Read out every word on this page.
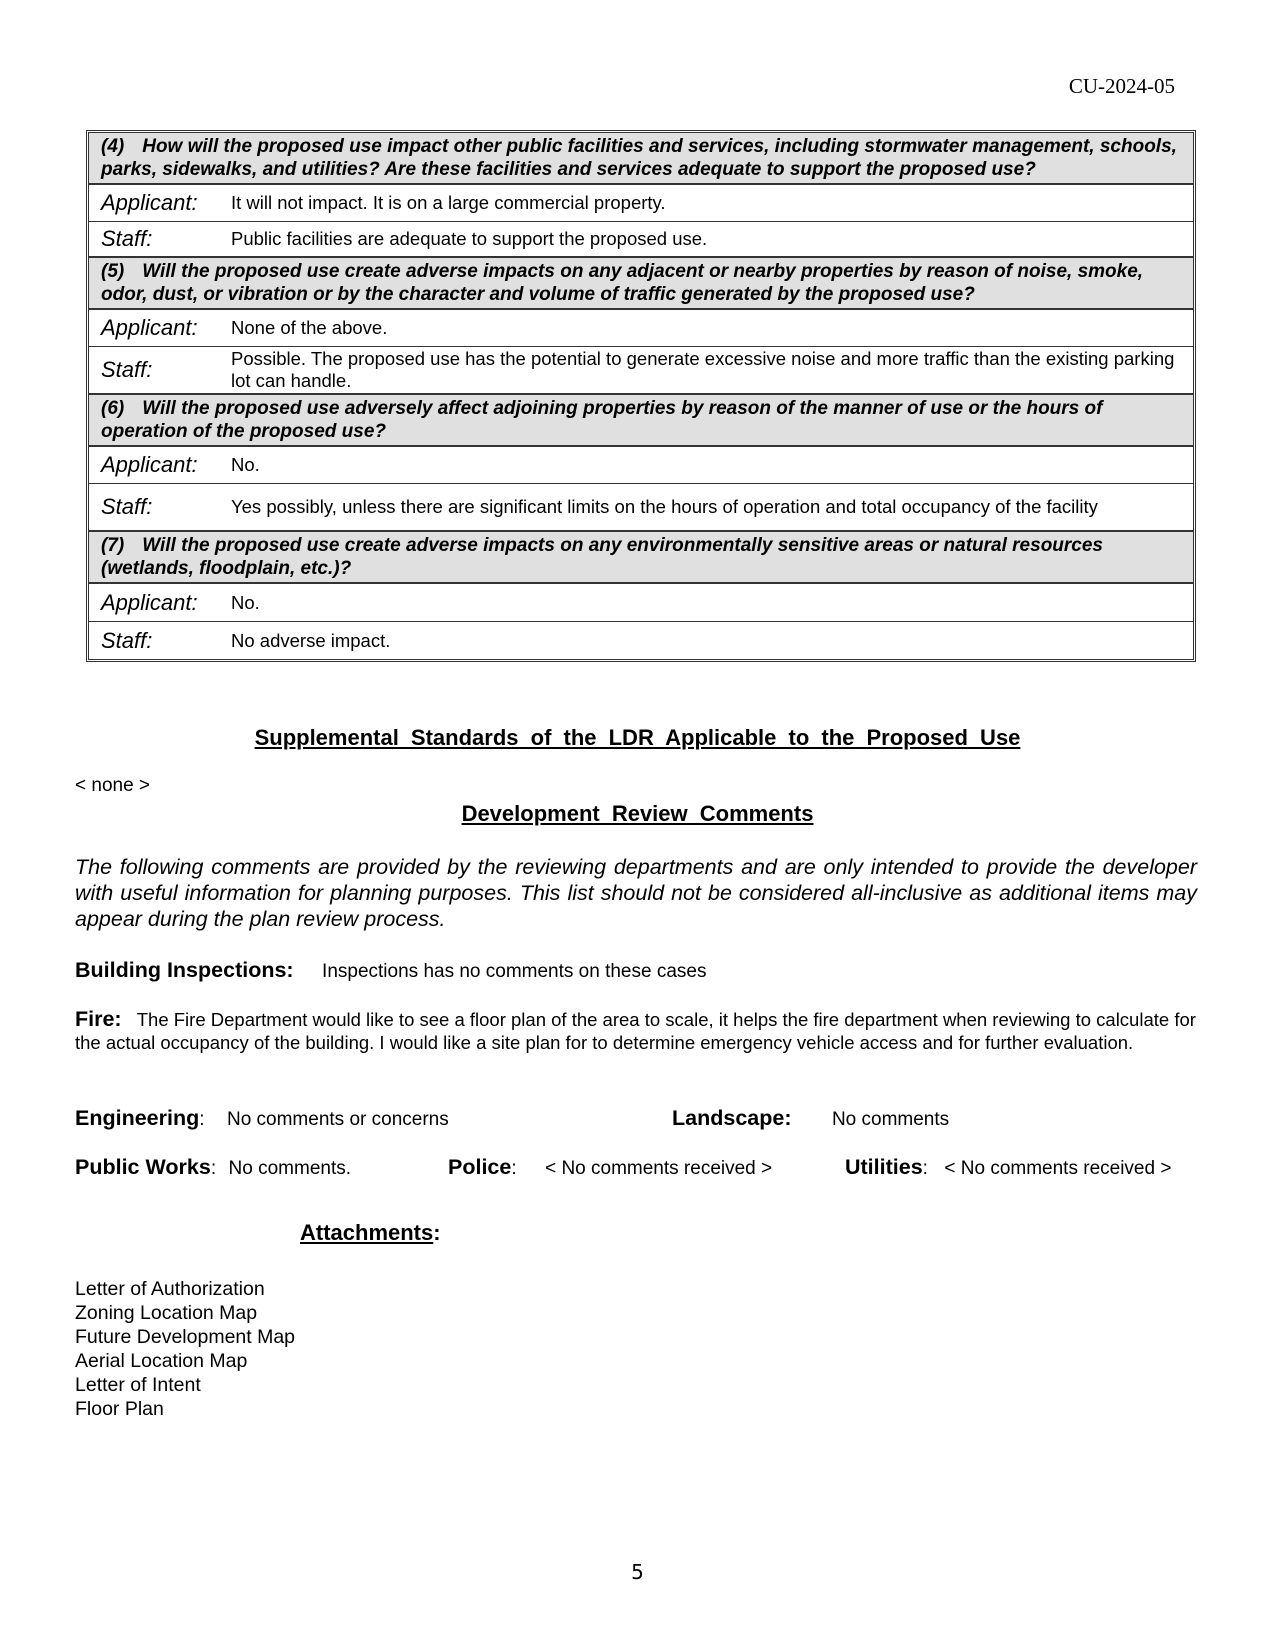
CU-2024-05
(4) How will the proposed use impact other public facilities and services, including stormwater management, schools, parks, sidewalks, and utilities? Are these facilities and services adequate to support the proposed use?
Applicant:	It will not impact. It is on a large commercial property.
Staff:	Public facilities are adequate to support the proposed use.
(5) Will the proposed use create adverse impacts on any adjacent or nearby properties by reason of noise, smoke, odor, dust, or vibration or by the character and volume of traffic generated by the proposed use?
Applicant:	None of the above.
Staff:	Possible. The proposed use has the potential to generate excessive noise and more traffic than the existing parking lot can handle.
(6) Will the proposed use adversely affect adjoining properties by reason of the manner of use or the hours of operation of the proposed use?
Applicant:	No.
Staff:	Yes possibly, unless there are significant limits on the hours of operation and total occupancy of the facility
(7) Will the proposed use create adverse impacts on any environmentally sensitive areas or natural resources (wetlands, floodplain, etc.)?
Applicant:	No.
Staff:	No adverse impact.
Supplemental Standards of the LDR Applicable to the Proposed Use
< none >
Development Review Comments
The following comments are provided by the reviewing departments and are only intended to provide the developer with useful information for planning purposes. This list should not be considered all-inclusive as additional items may appear during the plan review process.
Building Inspections: Inspections has no comments on these cases
Fire: The Fire Department would like to see a floor plan of the area to scale, it helps the fire department when reviewing to calculate for the actual occupancy of the building. I would like a site plan for to determine emergency vehicle access and for further evaluation.
Engineering: No comments or concerns	Landscape: No comments
Public Works: No comments.	Police: < No comments received >	Utilities: < No comments received >
Attachments:
Letter of Authorization
Zoning Location Map
Future Development Map
Aerial Location Map
Letter of Intent
Floor Plan
5
